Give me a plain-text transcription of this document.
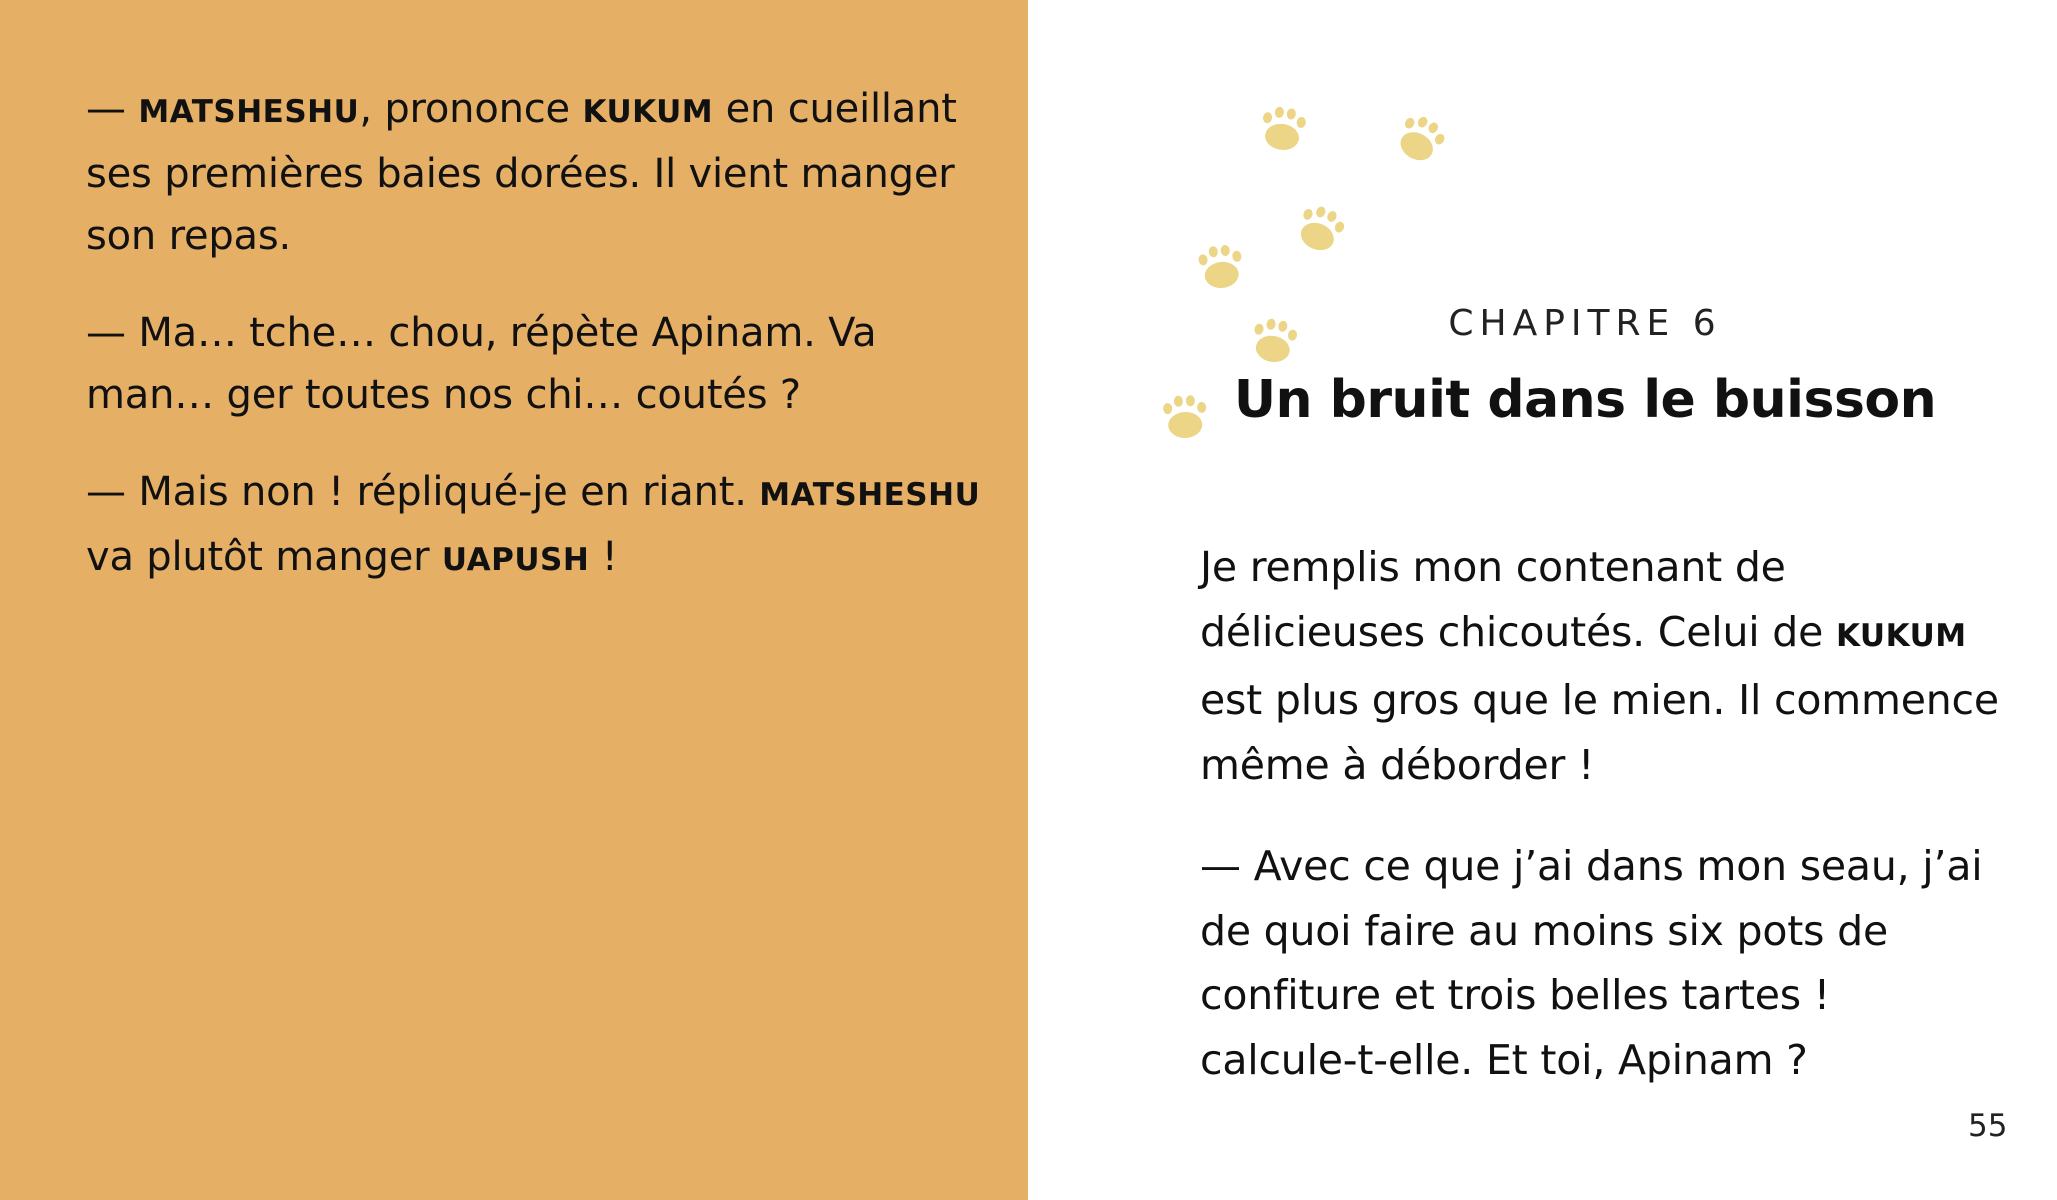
— MATSHESHU, prononce KUKUM en cueillant ses premières baies dorées. Il vient manger son repas.

— Ma… tche… chou, répète Apinam. Va man… ger toutes nos chi… coutés ?

— Mais non ! répliqué-je en riant. MATSHESHU va plutôt manger UAPUSH !

CHAPITRE 6
Un bruit dans le buisson

Je remplis mon contenant de délicieuses chicoutés. Celui de KUKUM est plus gros que le mien. Il commence même à déborder !

— Avec ce que j’ai dans mon seau, j’ai de quoi faire au moins six pots de confiture et trois belles tartes ! calcule-t-elle. Et toi, Apinam ?

55
